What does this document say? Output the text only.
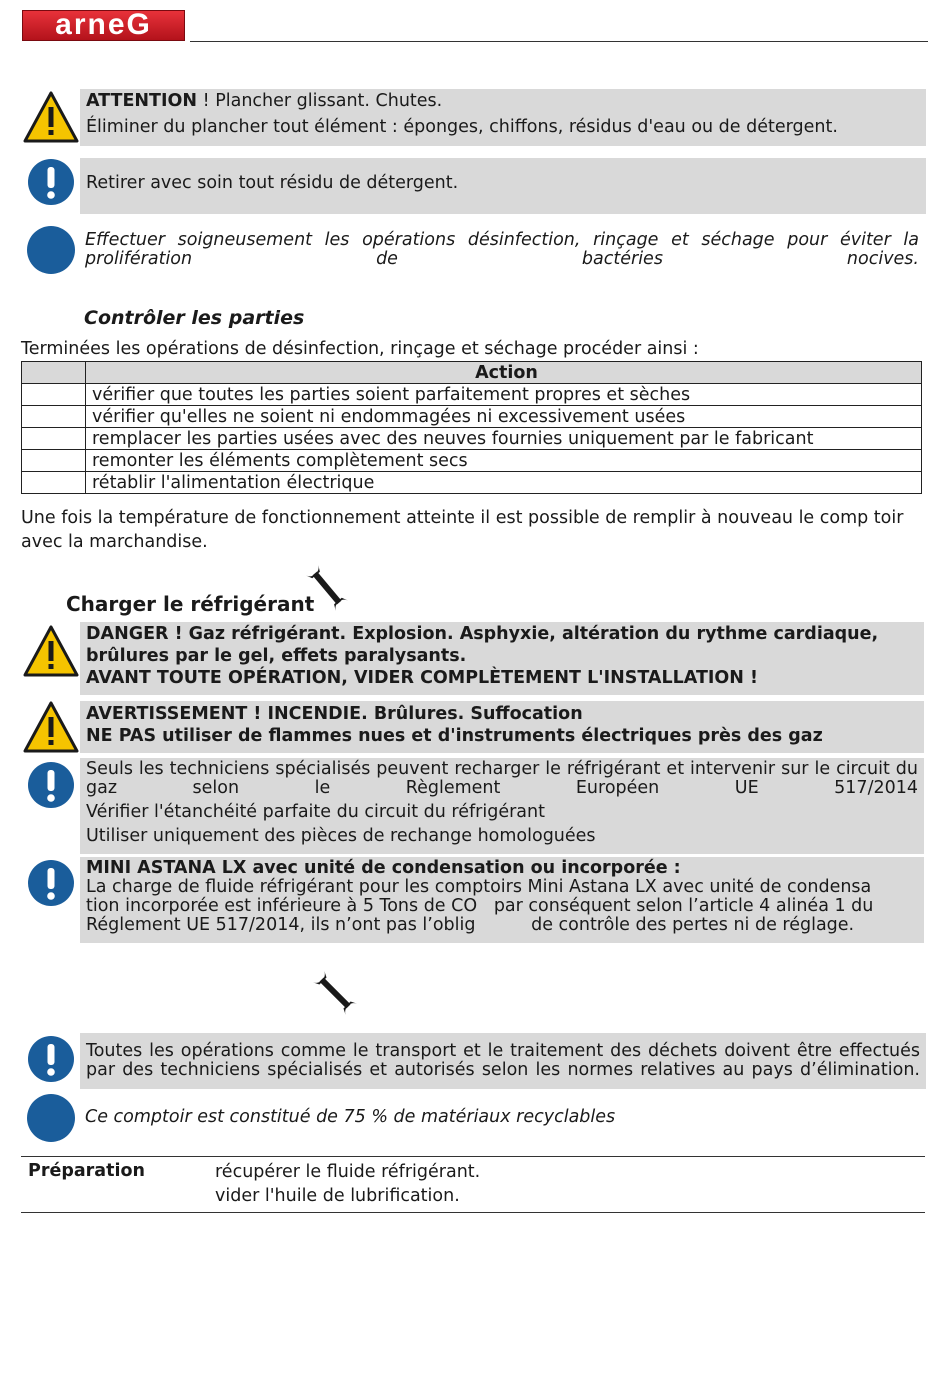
arneG
ATTENTION ! Plancher glissant. Chutes.
Éliminer du plancher tout élément : éponges, chiffons, résidus d'eau ou de détergent.
Retirer avec soin tout résidu de détergent.
Effectuer soigneusement les opérations désinfection, rinçage et séchage pour éviter la prolifération de bactéries nocives.
Contrôler les parties
Terminées les opérations de désinfection, rinçage et séchage procéder ainsi :
	Action
	vérifier que toutes les parties soient parfaitement propres et sèches
	vérifier qu'elles ne soient ni endommagées ni excessivement usées
	remplacer les parties usées avec des neuves fournies uniquement par le fabricant
	remonter les éléments complètement secs
	rétablir l'alimentation électrique
Une fois la température de fonctionnement atteinte il est possible de remplir à nouveau le comp toir avec la marchandise.
Charger le réfrigérant
DANGER ! Gaz réfrigérant. Explosion. Asphyxie, altération du rythme cardiaque, brûlures par le gel, effets paralysants.
AVANT TOUTE OPÉRATION, VIDER COMPLÈTEMENT L'INSTALLATION !
AVERTISSEMENT ! INCENDIE. Brûlures. Suffocation
NE PAS utiliser de flammes nues et d'instruments électriques près des gaz
Seuls les techniciens spécialisés peuvent recharger le réfrigérant et intervenir sur le circuit du gaz selon le Règlement Européen UE 517/2014
Vérifier l'étanchéité parfaite du circuit du réfrigérant
Utiliser uniquement des pièces de rechange homologuées
MINI ASTANA LX avec unité de condensation ou incorporée :
La charge de fluide réfrigérant pour les comptoirs Mini Astana LX avec unité de condensa tion incorporée est inférieure à 5 Tons de CO   par conséquent selon l’article 4 alinéa 1 du Réglement UE 517/2014, ils n’ont pas l’oblig          de contrôle des pertes ni de réglage.
Toutes les opérations comme le transport et le traitement des déchets doivent être effectués par des techniciens spécialisés et autorisés selon les normes relatives au pays d’élimination.
Ce comptoir est constitué de 75 % de matériaux recyclables
Préparation	récupérer le fluide réfrigérant.
vider l'huile de lubrification.
